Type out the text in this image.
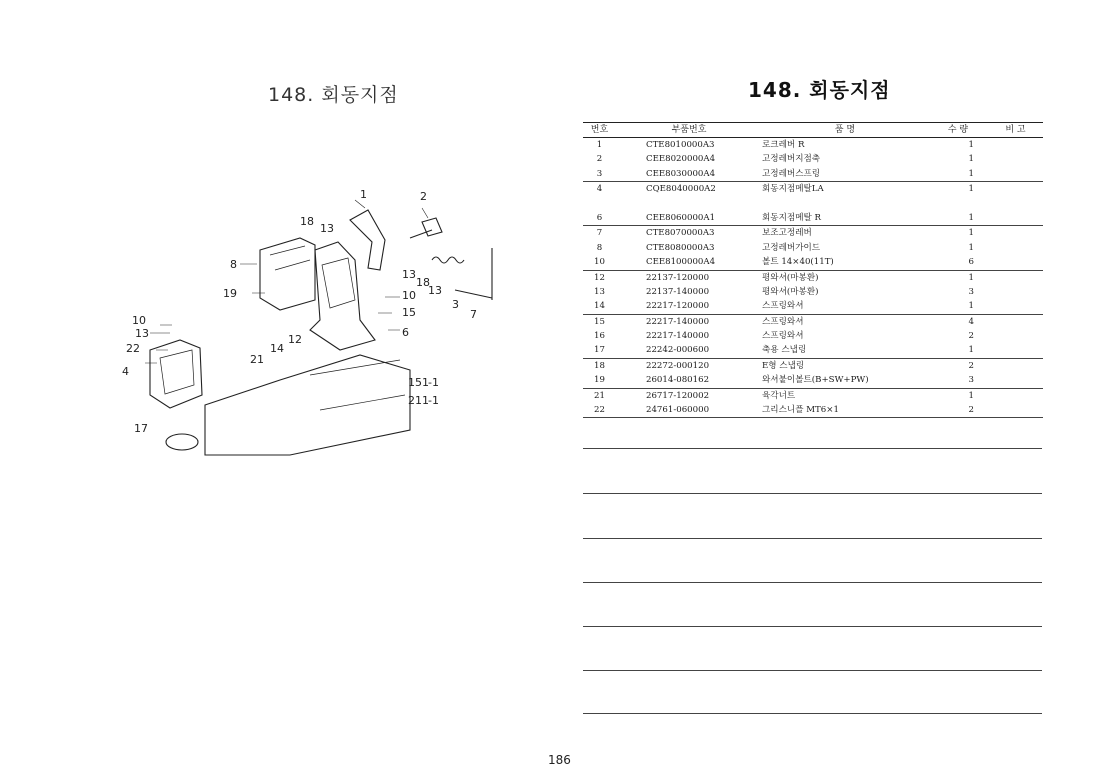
148. 회동지점	148. 회동지점
1	2
18
13
8
19
13
18
13
10
3
7
15
10
13
22
4
14
12
6
21
17
151 -1
211 -1
번호	부품번호	품 명	수 량	비 고
1	CTE8010000A3	로크레버 R	1
2	CEE8020000A4	고정레버지점축	1
3	CEE8030000A4	고정레버스프링	1
4	CQE8040000A2	회동지점메탈LA	1
6	CEE8060000A1	회동지점메탈 R	1
7	CTE8070000A3	보조고정레버	1
8	CTE8080000A3	고정레버가이드	1
10	CEE8100000A4	볼트 14×40(11T)	6
12	22137-120000	평와셔(마봉환)	1
13	22137-140000	평와셔(마봉환)	3
14	22217-120000	스프링와셔	1
15	22217-140000	스프링와셔	4
16	22217-140000	스프링와셔	2
17	22242-000600	축용 스냅링	1
18	22272-000120	E형 스냅링	2
19	26014-080162	와셔붙이볼트(B+SW+PW)	3
21	26717-120002	육각너트	1
22	24761-060000	그리스니플 MT6×1	2
186
